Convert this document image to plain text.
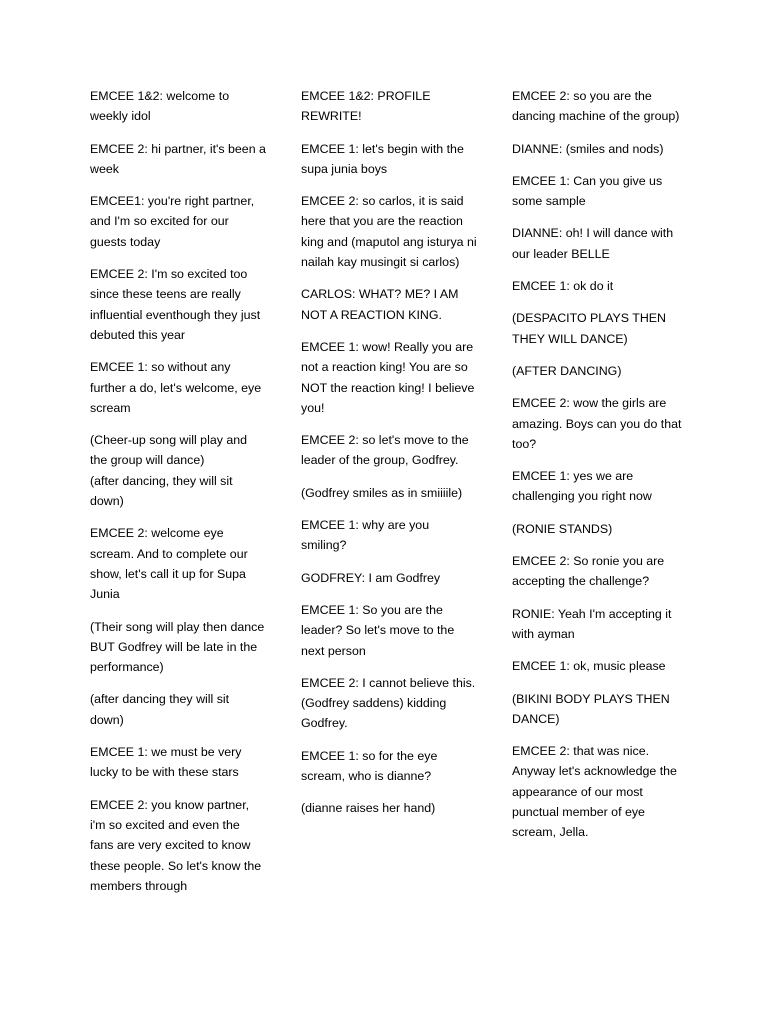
EMCEE 1&2: welcome to weekly idol

EMCEE 2: hi partner, it's been a week

EMCEE1: you're right partner, and I'm so excited for our guests today

EMCEE 2: I'm so excited too since these teens are really influential eventhough they just debuted this year

EMCEE 1: so without any further a do, let's welcome, eye scream

(Cheer-up song will play and the group will dance)
(after dancing, they will sit down)

EMCEE 2: welcome eye scream. And to complete our show, let's call it up for Supa Junia

(Their song will play then dance BUT Godfrey will be late in the performance)

(after dancing they will sit down)

EMCEE 1: we must be very lucky to be with these stars

EMCEE 2: you know partner, i'm so excited and even the fans are very excited to know these people. So let's know the members through

EMCEE 1&2: PROFILE REWRITE!

EMCEE 1: let's begin with the supa junia boys

EMCEE 2: so carlos, it is said here that you are the reaction king and (maputol ang isturya ni nailah kay musingit si carlos)

CARLOS: WHAT? ME? I AM NOT A REACTION KING.

EMCEE 1: wow! Really you are not a reaction king! You are so NOT the reaction king! I believe you!

EMCEE 2: so let's move to the leader of the group, Godfrey.

(Godfrey smiles as in smiiiile)

EMCEE 1: why are you smiling?

GODFREY: I am Godfrey

EMCEE 1: So you are the leader? So let's move to the next person

EMCEE 2: I cannot believe this. (Godfrey saddens) kidding Godfrey.

EMCEE 1: so for the eye scream, who is dianne?

(dianne raises her hand)

EMCEE 2: so you are the dancing machine of the group)

DIANNE: (smiles and nods)

EMCEE 1: Can you give us some sample

DIANNE: oh! I will dance with our leader BELLE

EMCEE 1: ok do it

(DESPACITO PLAYS THEN THEY WILL DANCE)

(AFTER DANCING)

EMCEE 2: wow the girls are amazing. Boys can you do that too?

EMCEE 1: yes we are challenging you right now

(RONIE STANDS)

EMCEE 2: So ronie you are accepting the challenge?

RONIE: Yeah I'm accepting it with ayman

EMCEE 1: ok, music please

(BIKINI BODY PLAYS THEN DANCE)

EMCEE 2: that was nice. Anyway let's acknowledge the appearance of our most punctual member of eye scream, Jella.
